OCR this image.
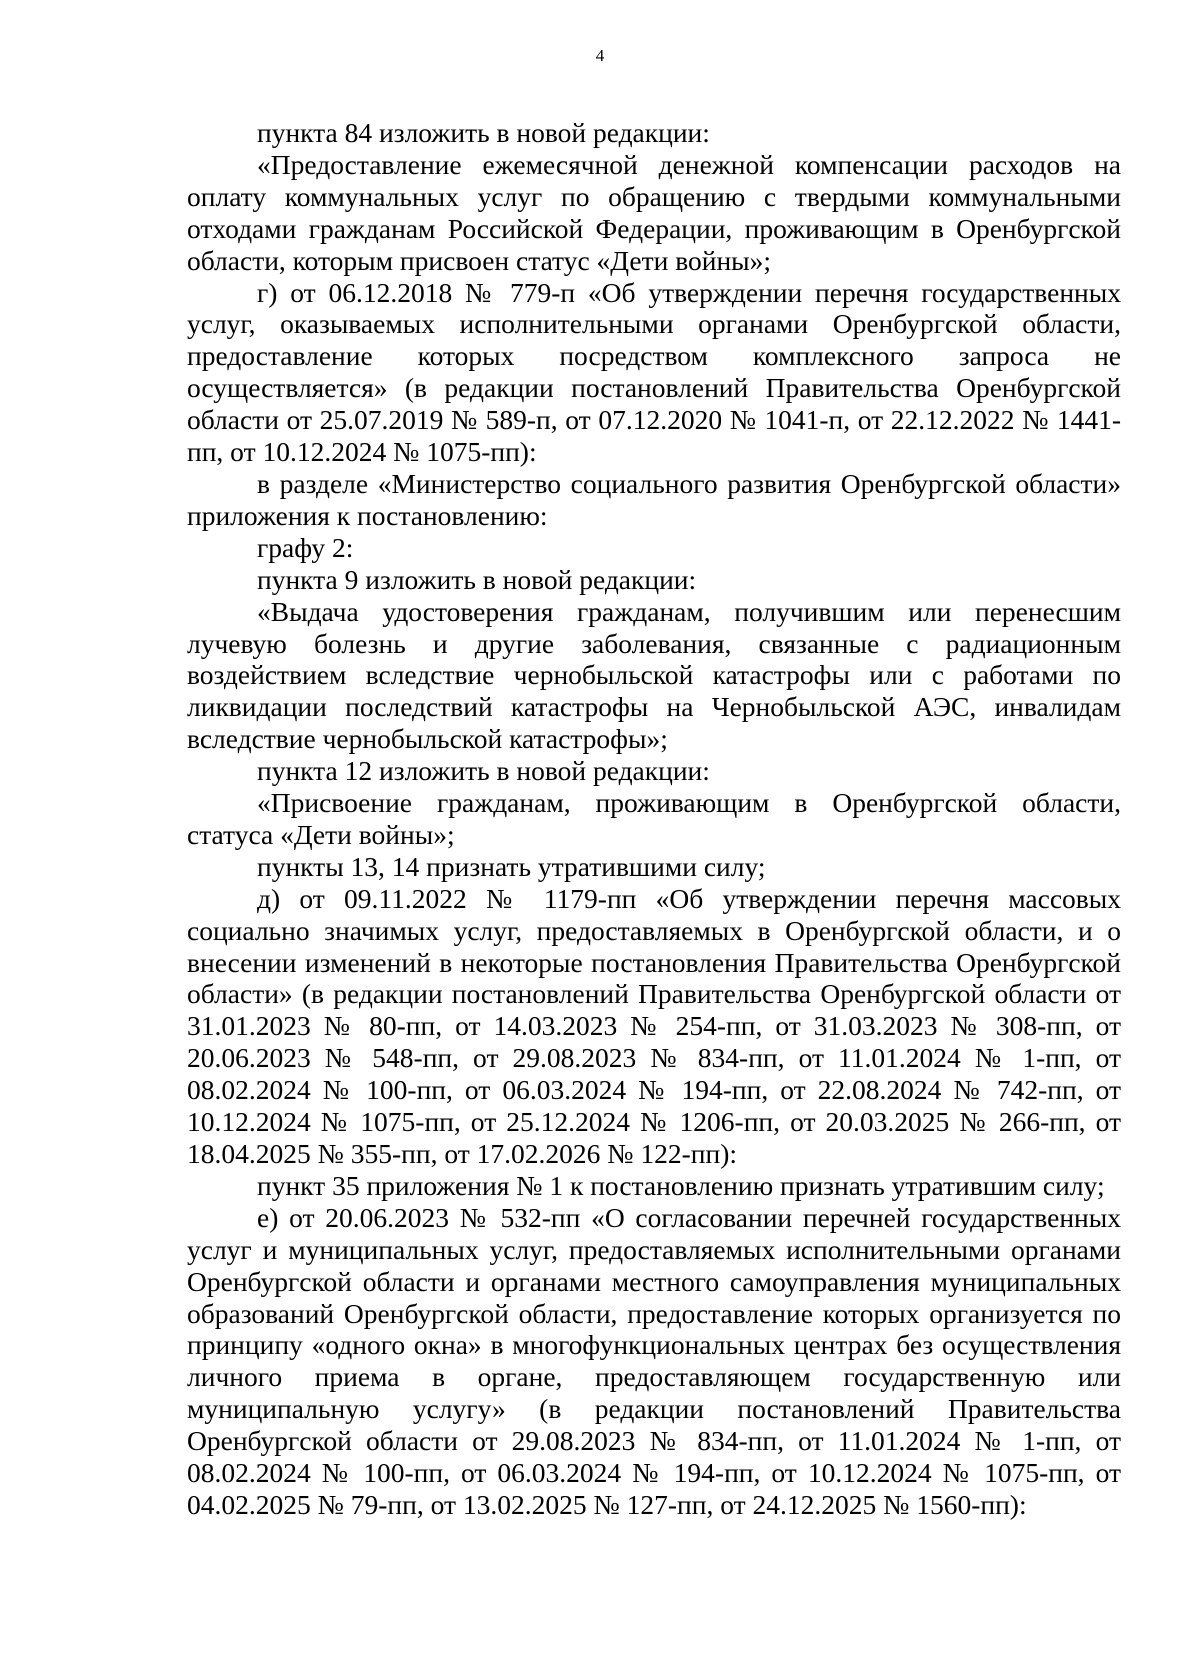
4

пункта 84 изложить в новой редакции:

«Предоставление ежемесячной денежной компенсации расходов на оплату коммунальных услуг по обращению с твердыми коммунальными отходами гражданам Российской Федерации, проживающим в Оренбургской области, которым присвоен статус «Дети войны»;

г) от 06.12.2018 № 779-п «Об утверждении перечня государственных услуг, оказываемых исполнительными органами Оренбургской области, предоставление которых посредством комплексного запроса не осуществляется» (в редакции постановлений Правительства Оренбургской области от 25.07.2019 № 589-п, от 07.12.2020 № 1041-п, от 22.12.2022 № 1441-пп, от 10.12.2024 № 1075-пп):

в разделе «Министерство социального развития Оренбургской области» приложения к постановлению:

графу 2:

пункта 9 изложить в новой редакции:

«Выдача удостоверения гражданам, получившим или перенесшим лучевую болезнь и другие заболевания, связанные с радиационным воздействием вследствие чернобыльской катастрофы или с работами по ликвидации последствий катастрофы на Чернобыльской АЭС, инвалидам вследствие чернобыльской катастрофы»;

пункта 12 изложить в новой редакции:

«Присвоение гражданам, проживающим в Оренбургской области, статуса «Дети войны»;

пункты 13, 14 признать утратившими силу;

д) от 09.11.2022 № 1179-пп «Об утверждении перечня массовых социально значимых услуг, предоставляемых в Оренбургской области, и о внесении изменений в некоторые постановления Правительства Оренбургской области» (в редакции постановлений Правительства Оренбургской области от 31.01.2023 № 80-пп, от 14.03.2023 № 254-пп, от 31.03.2023 № 308-пп, от 20.06.2023 № 548-пп, от 29.08.2023 № 834-пп, от 11.01.2024 № 1-пп, от 08.02.2024 № 100-пп, от 06.03.2024 № 194-пп, от 22.08.2024 № 742-пп, от 10.12.2024 № 1075-пп, от 25.12.2024 № 1206-пп, от 20.03.2025 № 266-пп, от 18.04.2025 № 355-пп, от 17.02.2026 № 122-пп):

пункт 35 приложения № 1 к постановлению признать утратившим силу;

е) от 20.06.2023 № 532-пп «О согласовании перечней государственных услуг и муниципальных услуг, предоставляемых исполнительными органами Оренбургской области и органами местного самоуправления муниципальных образований Оренбургской области, предоставление которых организуется по принципу «одного окна» в многофункциональных центрах без осуществления личного приема в органе, предоставляющем государственную или муниципальную услугу» (в редакции постановлений Правительства Оренбургской области от 29.08.2023 № 834-пп, от 11.01.2024 № 1-пп, от 08.02.2024 № 100-пп, от 06.03.2024 № 194-пп, от 10.12.2024 № 1075-пп, от 04.02.2025 № 79-пп, от 13.02.2025 № 127-пп, от 24.12.2025 № 1560-пп):
